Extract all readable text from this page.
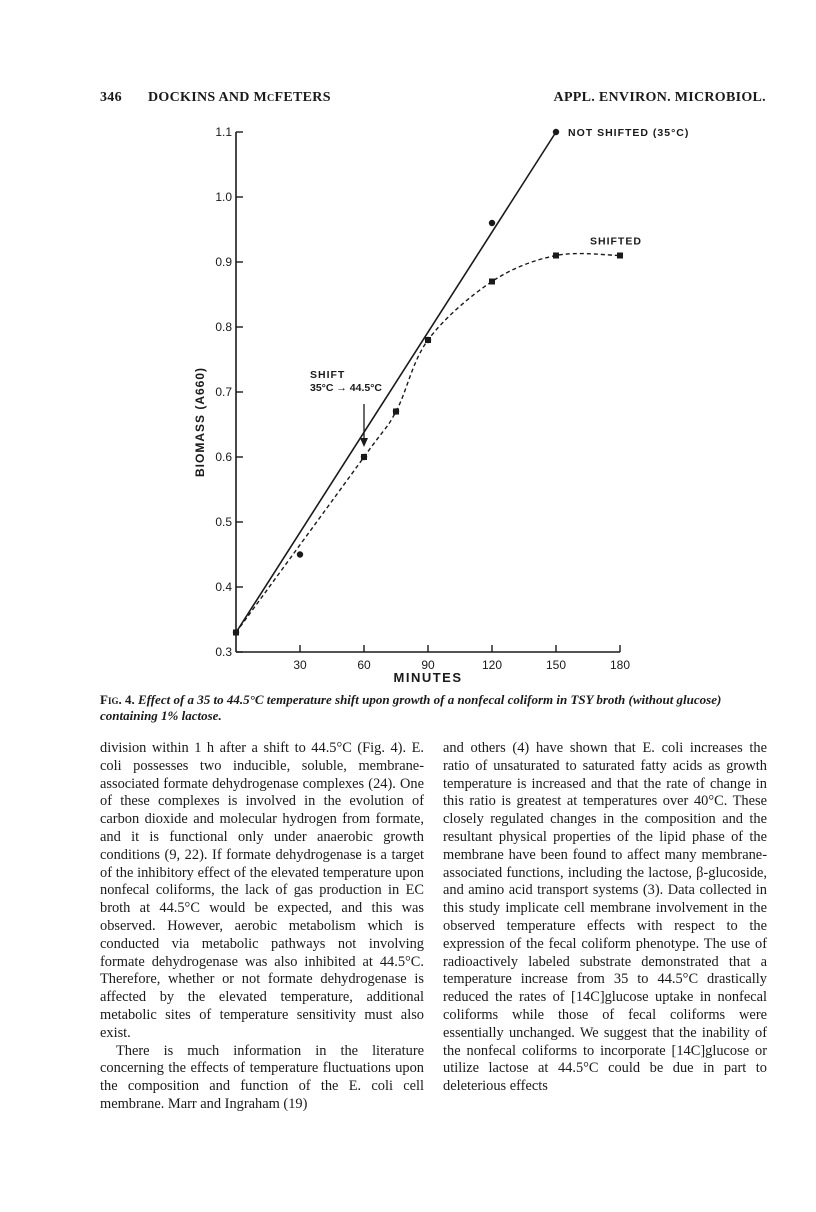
346 DOCKINS AND McFETERS	APPL. ENVIRON. MICROBIOL.
30	60	90	120	150	180
0.3
0.4
0.5
0.6
0.7
0.8
0.9
1.0
1.1	NOT SHIFTED (35°C)
SHIFTED
SHIFT
35°C → 44.5°C
MINUTES
BIOMASS (A660)
Fig. 4. Effect of a 35 to 44.5°C temperature shift upon growth of a nonfecal coliform in TSY broth (without glucose) containing 1% lactose.

division within 1 h after a shift to 44.5°C (Fig. 4). E. coli possesses two inducible, soluble, membrane-associated formate dehydrogenase complexes (24). One of these complexes is involved in the evolution of carbon dioxide and molecular hydrogen from formate, and it is functional only under anaerobic growth conditions (9, 22). If formate dehydrogenase is a target of the inhibitory effect of the elevated temperature upon nonfecal coliforms, the lack of gas production in EC broth at 44.5°C would be expected, and this was observed. However, aerobic metabolism which is conducted via metabolic pathways not involving formate dehydrogenase was also inhibited at 44.5°C. Therefore, whether or not formate dehydrogenase is affected by the elevated temperature, additional metabolic sites of temperature sensitivity must also exist.

There is much information in the literature concerning the effects of temperature fluctuations upon the composition and function of the E. coli cell membrane. Marr and Ingraham (19)

and others (4) have shown that E. coli increases the ratio of unsaturated to saturated fatty acids as growth temperature is increased and that the rate of change in this ratio is greatest at temperatures over 40°C. These closely regulated changes in the composition and the resultant physical properties of the lipid phase of the membrane have been found to affect many membrane-associated functions, including the lactose, β-glucoside, and amino acid transport systems (3). Data collected in this study implicate cell membrane involvement in the observed temperature effects with respect to the expression of the fecal coliform phenotype. The use of radioactively labeled substrate demonstrated that a temperature increase from 35 to 44.5°C drastically reduced the rates of [14C]glucose uptake in nonfecal coliforms while those of fecal coliforms were essentially unchanged. We suggest that the inability of the nonfecal coliforms to incorporate [14C]glucose or utilize lactose at 44.5°C could be due in part to deleterious effects
